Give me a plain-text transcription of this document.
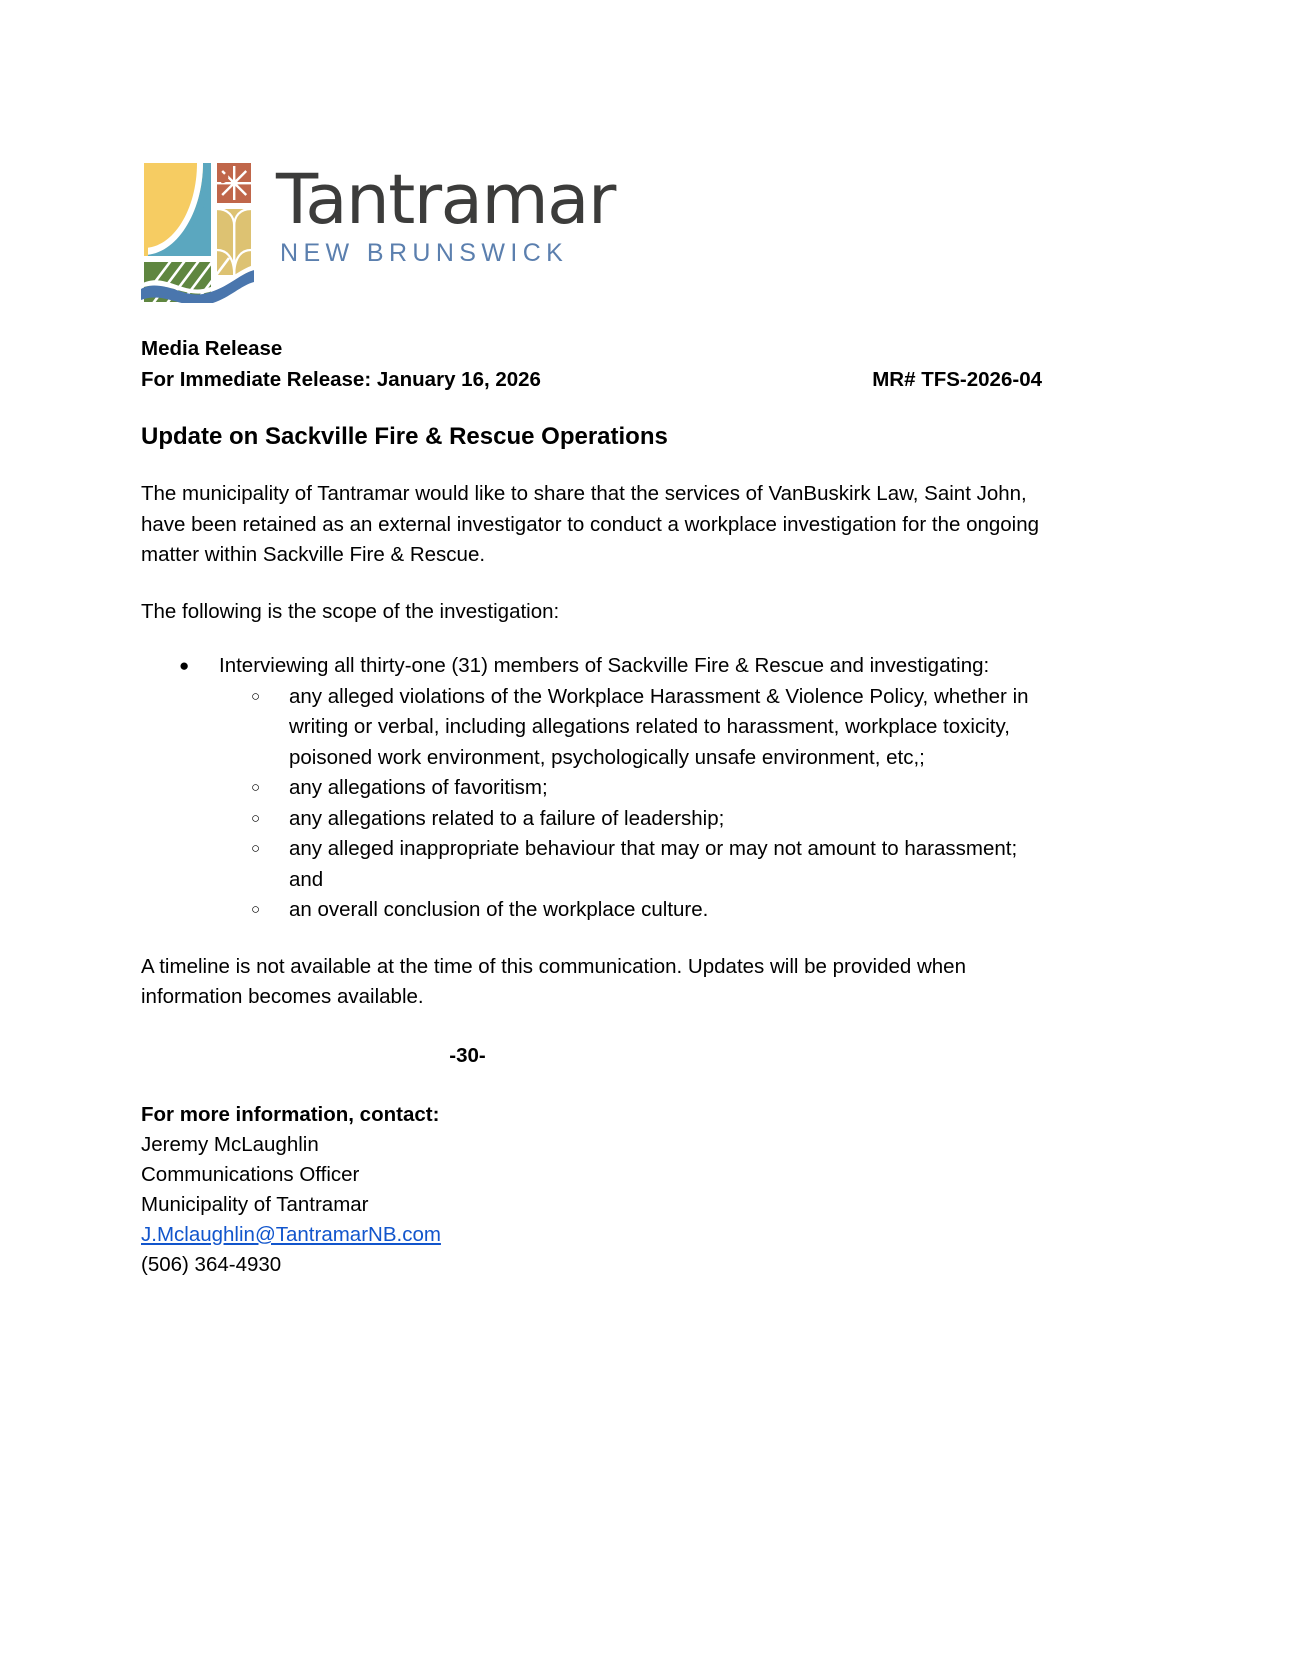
Tantramar
NEW BRUNSWICK
Media Release

For Immediate Release: January 16, 2026	MR# TFS-2026-04
Update on Sackville Fire & Rescue Operations

The municipality of Tantramar would like to share that the services of VanBuskirk Law, Saint John, have been retained as an external investigator to conduct a workplace investigation for the ongoing matter within Sackville Fire & Rescue.

The following is the scope of the investigation:

● Interviewing all thirty-one (31) members of Sackville Fire & Rescue and investigating:
○ any alleged violations of the Workplace Harassment & Violence Policy, whether in writing or verbal, including allegations related to harassment, workplace toxicity, poisoned work environment, psychologically unsafe environment, etc,;
○ any allegations of favoritism;
○ any allegations related to a failure of leadership;
○ any alleged inappropriate behaviour that may or may not amount to harassment; and
○ an overall conclusion of the workplace culture.

A timeline is not available at the time of this communication. Updates will be provided when information becomes available.

-30-
For more information, contact:
Jeremy McLaughlin
Communications Officer
Municipality of Tantramar
J.Mclaughlin@TantramarNB.com
(506) 364-4930
